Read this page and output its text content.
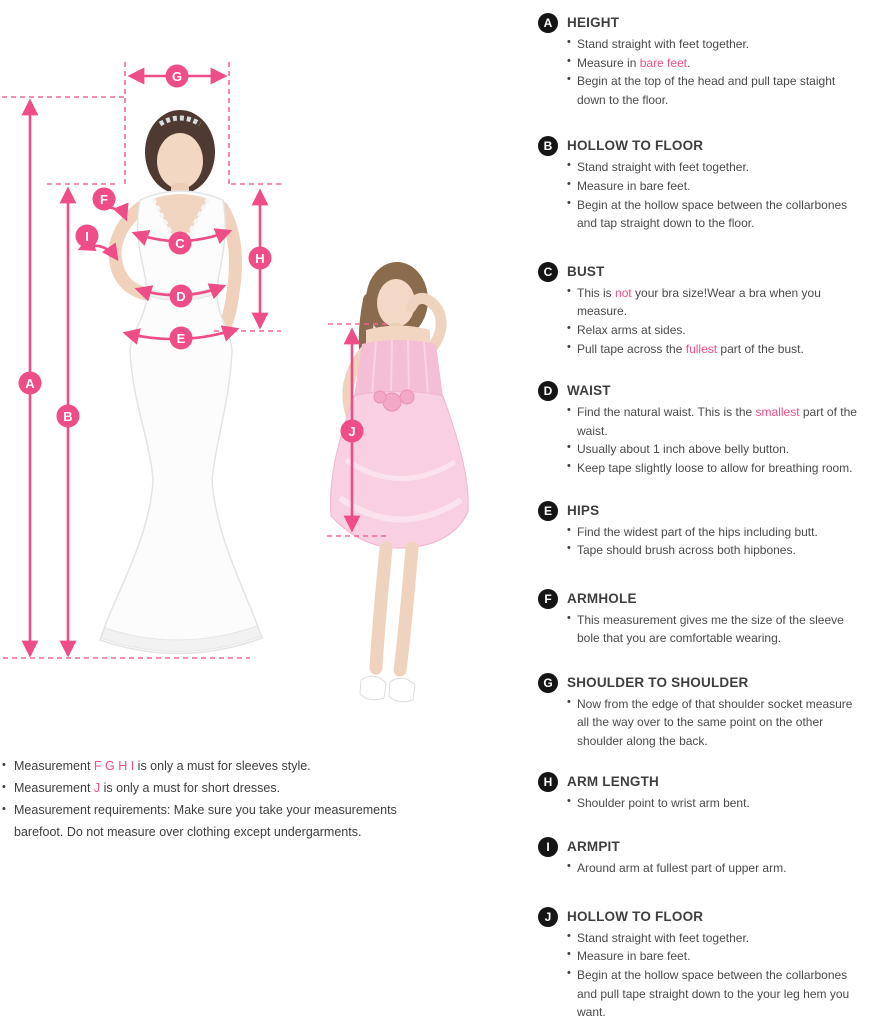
A
B
C
D
E
F
G
H
I
J
A	HEIGHT
• Stand straight with feet together.
• Measure in bare feet.
• Begin at the top of the head and pull tape staight down to the floor.
B	HOLLOW TO FLOOR
• Stand straight with feet together.
• Measure in bare feet.
• Begin at the hollow space between the collarbones and tap straight down to the floor.
C	BUST
• This is not your bra size!Wear a bra when you measure.
• Relax arms at sides.
• Pull tape across the fullest part of the bust.
D	WAIST
• Find the natural waist. This is the smallest part of the waist.
• Usually about 1 inch above belly button.
• Keep tape slightly loose to allow for breathing room.
E	HIPS
• Find the widest part of the hips including butt.
• Tape should brush across both hipbones.
F	ARMHOLE
• This measurement gives me the size of the sleeve bole that you are comfortable wearing.
G	SHOULDER TO SHOULDER
• Now from the edge of that shoulder socket measure all the way over to the same point on the other shoulder along the back.
H	ARM LENGTH
• Shoulder point to wrist arm bent.
I	ARMPIT
• Around arm at fullest part of upper arm.
J	HOLLOW TO FLOOR
• Stand straight with feet together.
• Measure in bare feet.
• Begin at the hollow space between the collarbones and pull tape straight down to the your leg hem you want.
• Measurement F G H I is only a must for sleeves style.
• Measurement J is only a must for short dresses.
• Measurement requirements: Make sure you take your measurements barefoot. Do not measure over clothing except undergarments.
